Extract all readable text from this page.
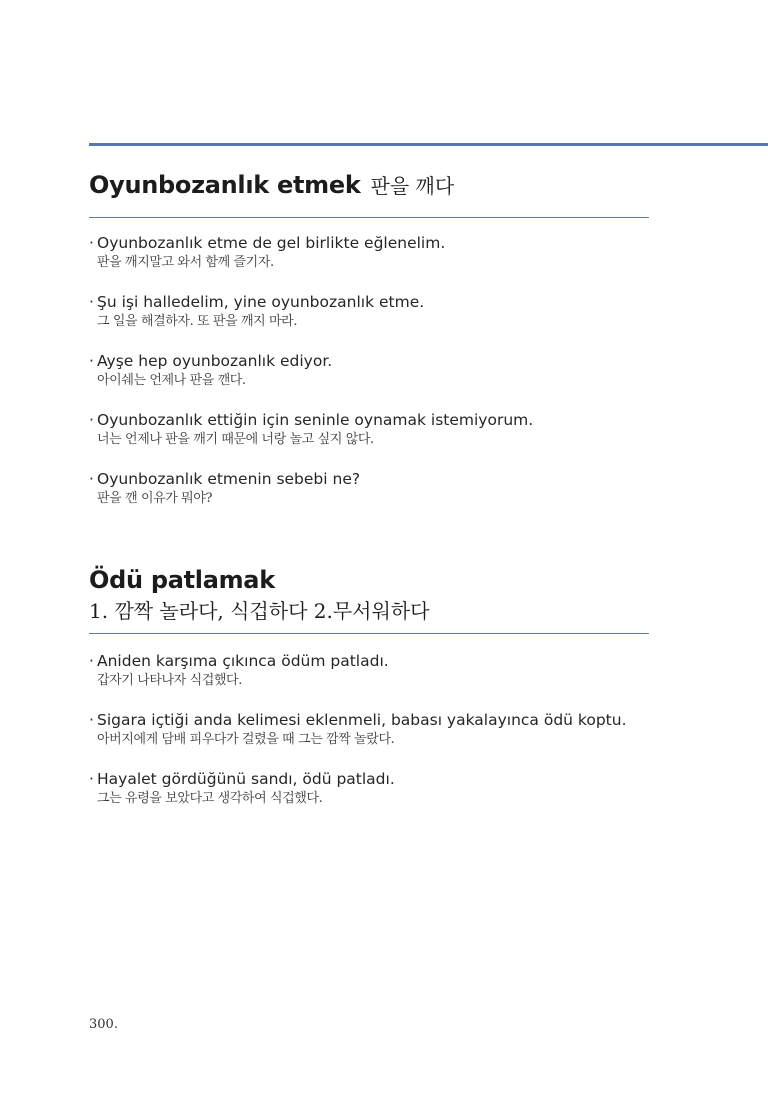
Oyunbozanlık etmek 판을 깨다
· Oyunbozanlık etme de gel birlikte eğlenelim.
판을 깨지말고 와서 함께 즐기자.
· Şu işi halledelim, yine oyunbozanlık etme.
그 일을 해결하자. 또 판을 깨지 마라.
· Ayşe hep oyunbozanlık ediyor.
아이쉐는 언제나 판을 깬다.
· Oyunbozanlık ettiğin için seninle oynamak istemiyorum.
너는 언제나 판을 깨기 때문에 너랑 놀고 싶지 않다.
· Oyunbozanlık etmenin sebebi ne?
판을 깬 이유가 뭐야?
Ödü patlamak
1. 깜짝 놀라다, 식겁하다 2.무서워하다
· Aniden karşıma çıkınca ödüm patladı.
갑자기 나타나자 식겁했다.
· Sigara içtiği anda kelimesi eklenmeli, babası yakalayınca ödü koptu.
아버지에게 담배 피우다가 걸렸을 때 그는 깜짝 놀랐다.
· Hayalet gördüğünü sandı, ödü patladı.
그는 유령을 보았다고 생각하여 식겁했다.
300.
